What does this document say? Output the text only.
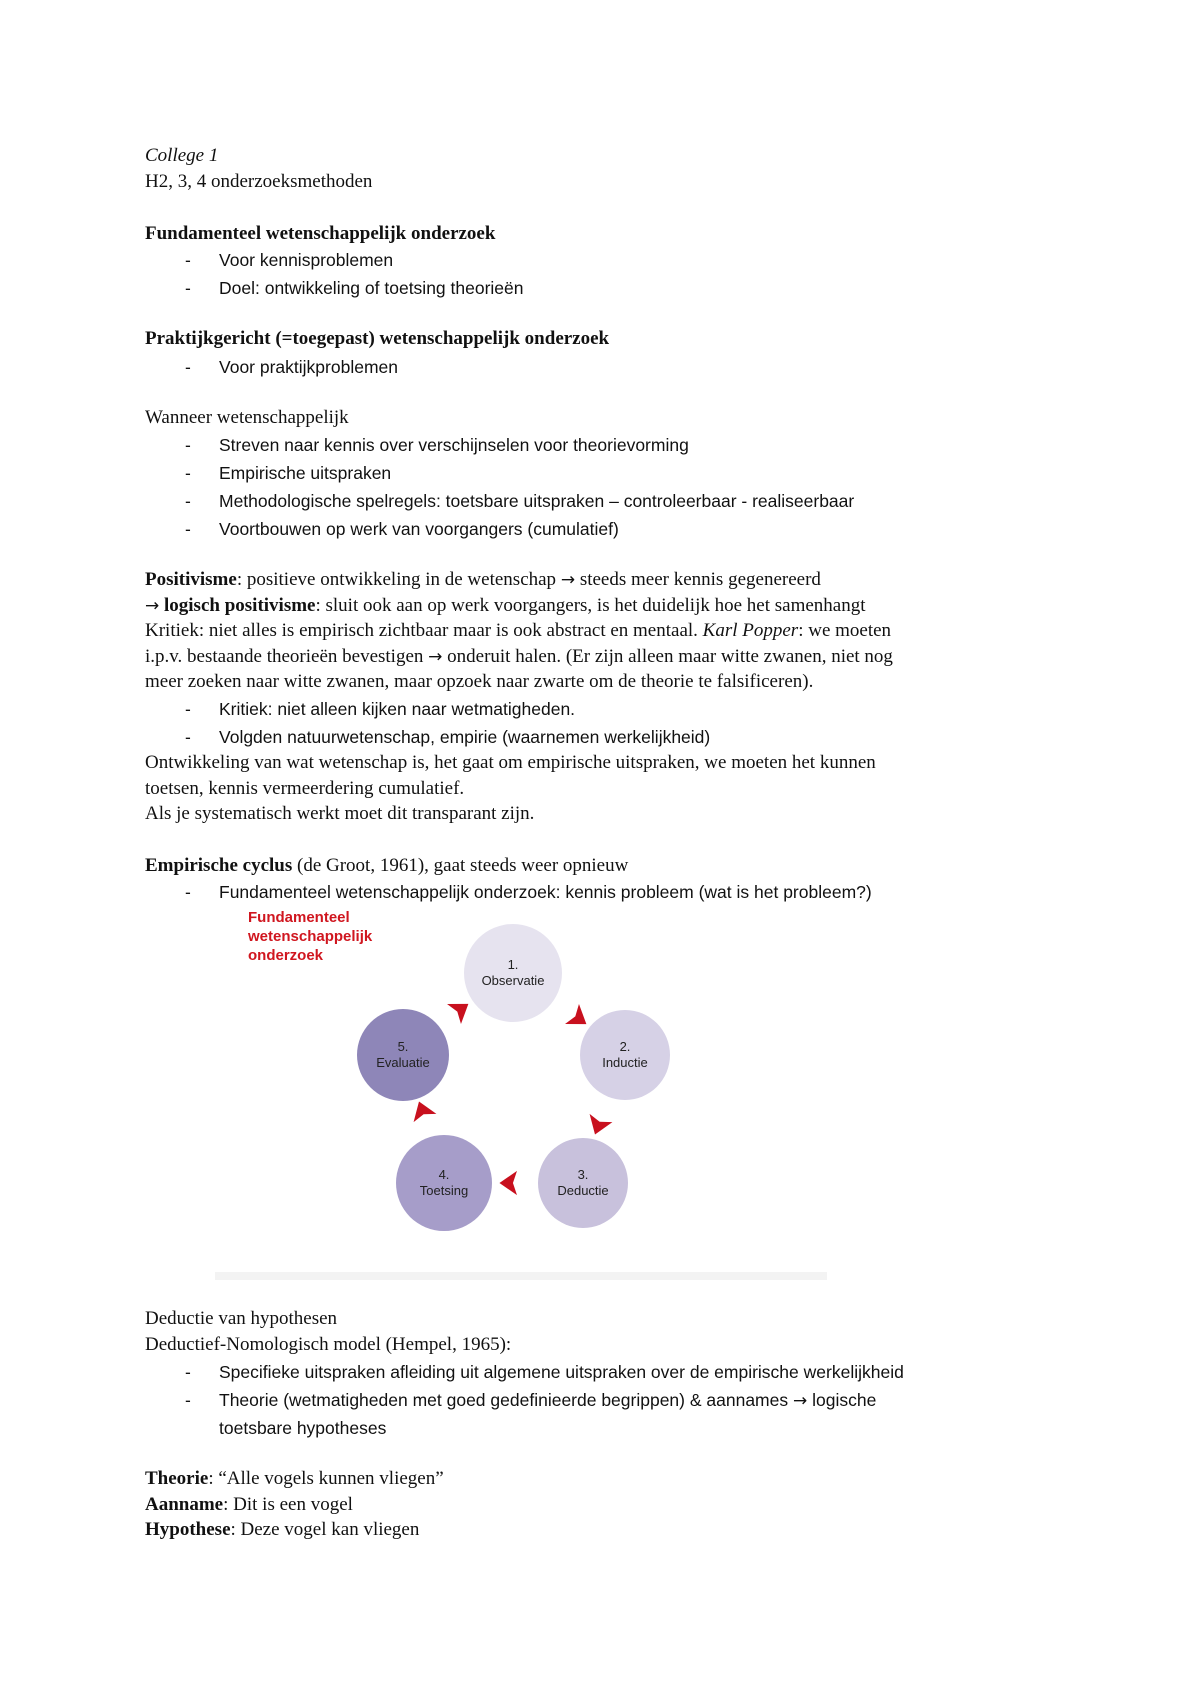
College 1
H2, 3, 4 onderzoeksmethoden
Fundamenteel wetenschappelijk onderzoek
- Voor kennisproblemen
- Doel: ontwikkeling of toetsing theorieën
Praktijkgericht (=toegepast) wetenschappelijk onderzoek
- Voor praktijkproblemen
Wanneer wetenschappelijk
- Streven naar kennis over verschijnselen voor theorievorming
- Empirische uitspraken
- Methodologische spelregels: toetsbare uitspraken – controleerbaar - realiseerbaar
- Voortbouwen op werk van voorgangers (cumulatief)
Positivisme: positieve ontwikkeling in de wetenschap → steeds meer kennis gegenereerd
→ logisch positivisme: sluit ook aan op werk voorgangers, is het duidelijk hoe het samenhangt
Kritiek: niet alles is empirisch zichtbaar maar is ook abstract en mentaal. Karl Popper: we moeten
i.p.v. bestaande theorieën bevestigen → onderuit halen. (Er zijn alleen maar witte zwanen, niet nog
meer zoeken naar witte zwanen, maar opzoek naar zwarte om de theorie te falsificeren).
- Kritiek: niet alleen kijken naar wetmatigheden.
- Volgden natuurwetenschap, empirie (waarnemen werkelijkheid)
Ontwikkeling van wat wetenschap is, het gaat om empirische uitspraken, we moeten het kunnen
toetsen, kennis vermeerdering cumulatief.
Als je systematisch werkt moet dit transparant zijn.
Empirische cyclus (de Groot, 1961), gaat steeds weer opnieuw
- Fundamenteel wetenschappelijk onderzoek: kennis probleem (wat is het probleem?)
Fundamenteel
wetenschappelijk
onderzoek
1.
Observatie
2.
Inductie
3.
Deductie
4.
Toetsing
5.
Evaluatie
Deductie van hypothesen
Deductief-Nomologisch model (Hempel, 1965):
- Specifieke uitspraken afleiding uit algemene uitspraken over de empirische werkelijkheid
- Theorie (wetmatigheden met goed gedefinieerde begrippen) & aannames → logische
toetsbare hypotheses
Theorie: “Alle vogels kunnen vliegen”
Aanname: Dit is een vogel
Hypothese: Deze vogel kan vliegen
